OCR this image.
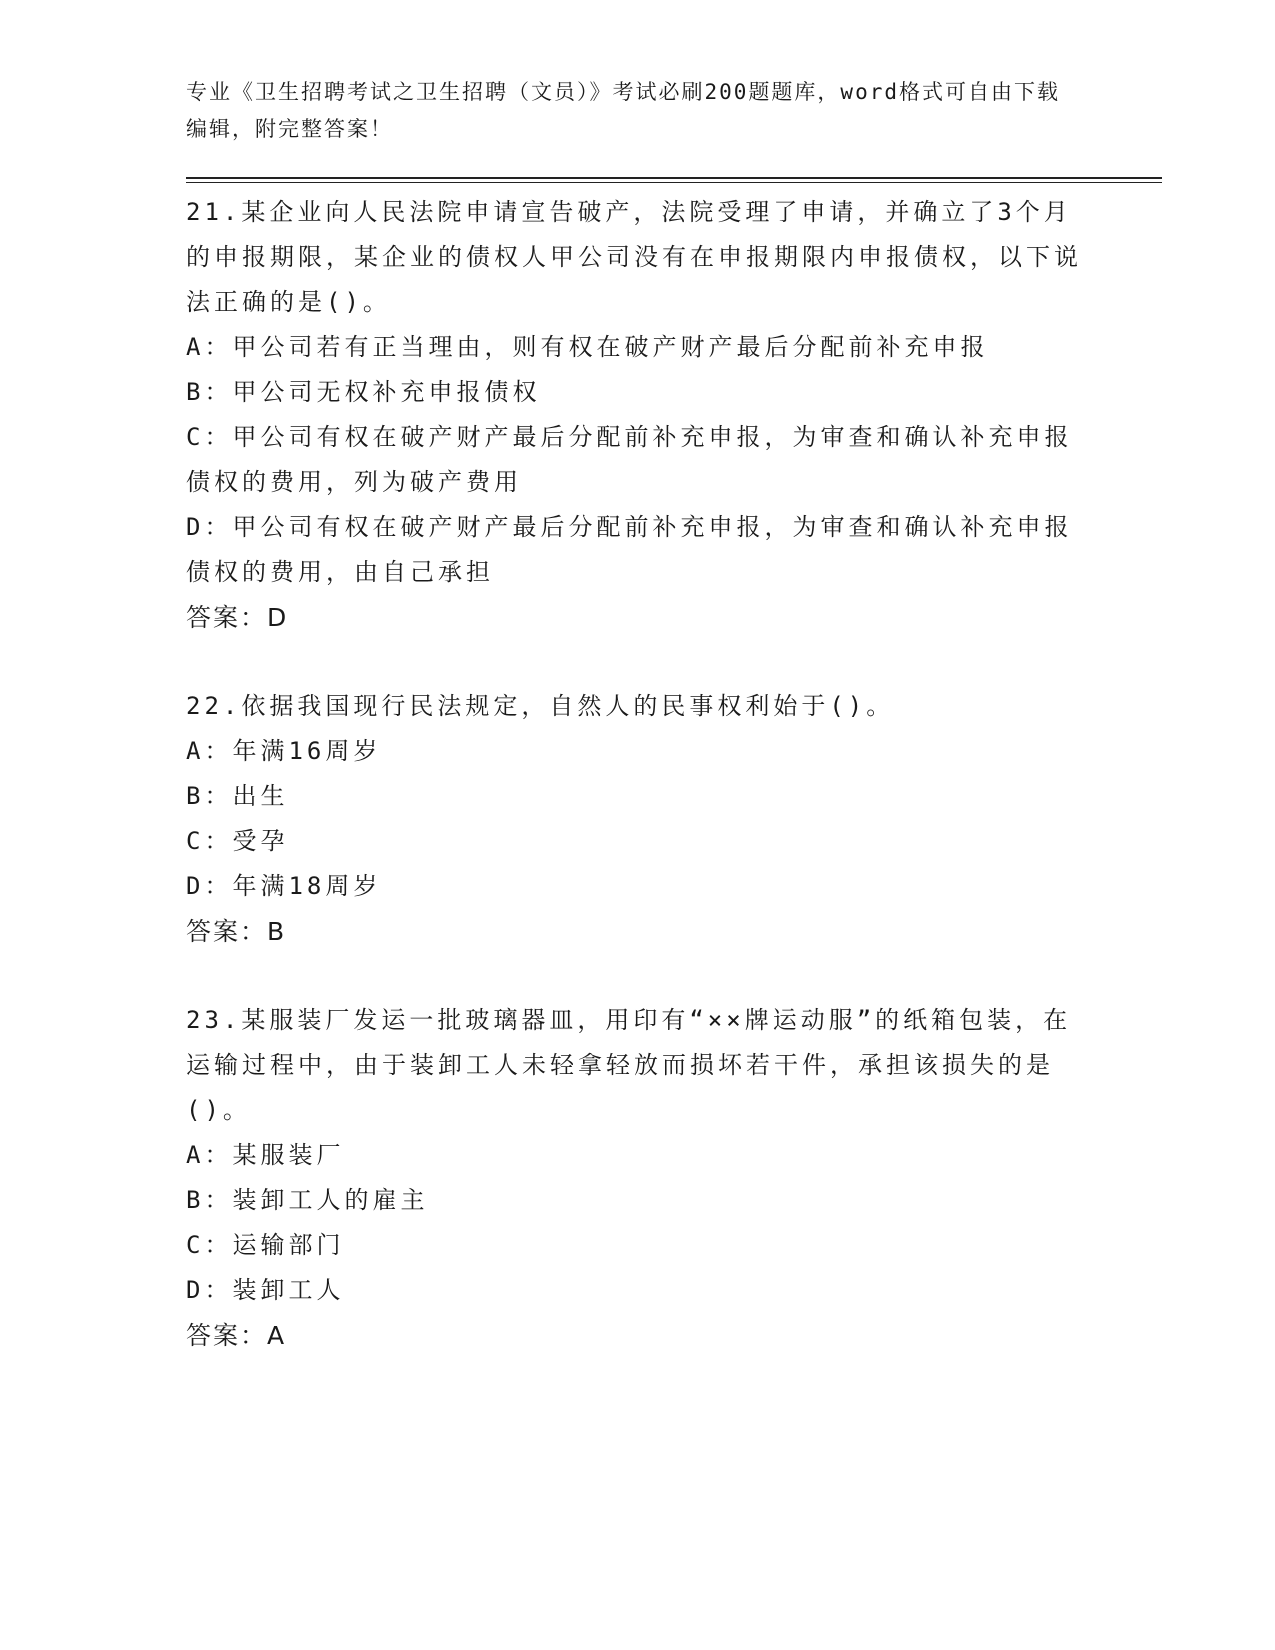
专业《卫生招聘考试之卫生招聘（文员）》考试必刷200题题库，word格式可自由下载编辑，附完整答案！

21.某企业向人民法院申请宣告破产，法院受理了申请，并确立了3个月的申报期限，某企业的债权人甲公司没有在申报期限内申报债权，以下说法正确的是()。

A：甲公司若有正当理由，则有权在破产财产最后分配前补充申报

B：甲公司无权补充申报债权

C：甲公司有权在破产财产最后分配前补充申报，为审查和确认补充申报债权的费用，列为破产费用

D：甲公司有权在破产财产最后分配前补充申报，为审查和确认补充申报债权的费用，由自己承担

答案：D

22.依据我国现行民法规定，自然人的民事权利始于()。

A：年满16周岁

B：出生

C：受孕

D：年满18周岁

答案：B

23.某服装厂发运一批玻璃器皿，用印有“××牌运动服”的纸箱包装，在运输过程中，由于装卸工人未轻拿轻放而损坏若干件，承担该损失的是()。

A：某服装厂

B：装卸工人的雇主

C：运输部门

D：装卸工人

答案：A
